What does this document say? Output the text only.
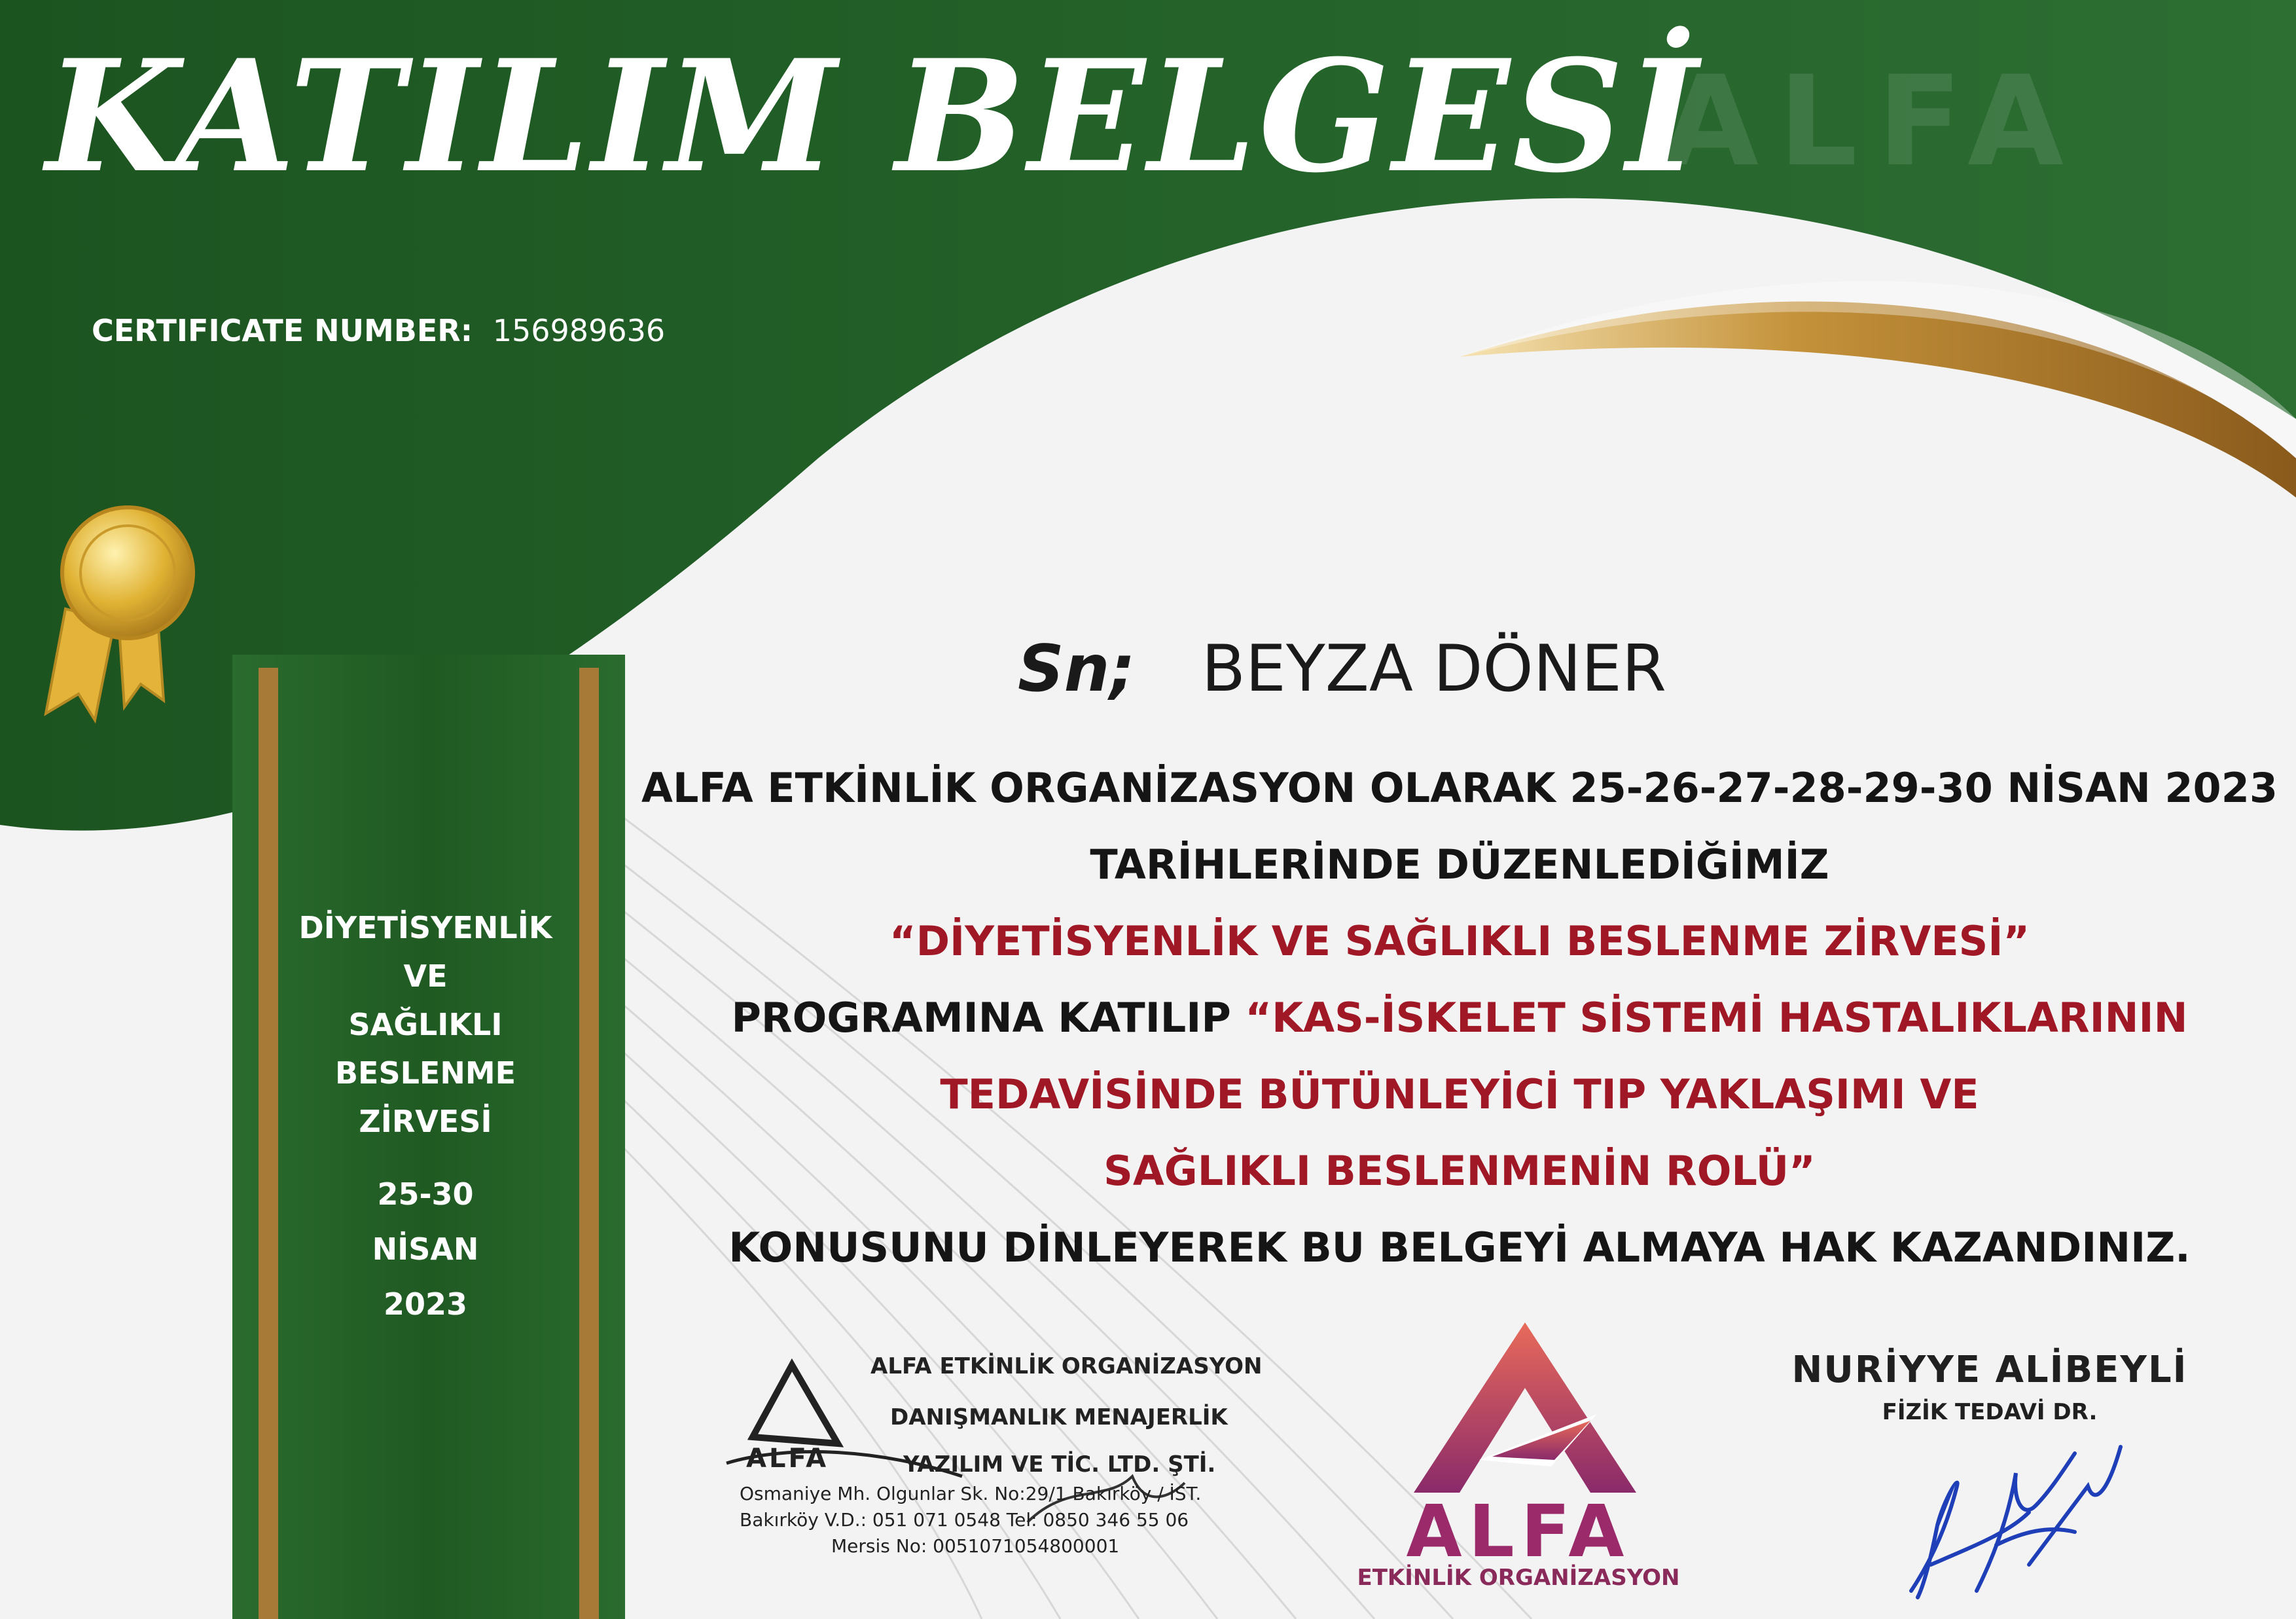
ALFA
KATILIM BELGESİ
CERTIFICATE NUMBER: 156989636
DİYETİSYENLİK
VE
SAĞLIKLI
BESLENME
ZİRVESİ
25-30
NİSAN
2023
Sn; BEYZA DÖNER
ALFA ETKİNLİK ORGANİZASYON OLARAK 25-26-27-28-29-30 NİSAN 2023
TARİHLERİNDE DÜZENLEDİĞİMİZ
“DİYETİSYENLİK VE SAĞLIKLI BESLENME ZİRVESİ”
PROGRAMINA KATILIP “KAS-İSKELET SİSTEMİ HASTALIKLARININ
TEDAVİSİNDE BÜTÜNLEYİCİ TIP YAKLAŞIMI VE
SAĞLIKLI BESLENMENİN ROLÜ”
KONUSUNU DİNLEYEREK BU BELGEYİ ALMAYA HAK KAZANDINIZ.
ALFA
ALFA ETKİNLİK ORGANİZASYON
DANIŞMANLIK MENAJERLİK
YAZILIM VE TİC. LTD. ŞTİ.
Osmaniye Mh. Olgunlar Sk. No:29/1 Bakırköy / İST.
Bakırköy V.D.: 051 071 0548 Tel: 0850 346 55 06
Mersis No: 0051071054800001	ALFA
ETKİNLİK ORGANİZASYON
NURİYYE ALİBEYLİ
FİZİK TEDAVİ DR.
